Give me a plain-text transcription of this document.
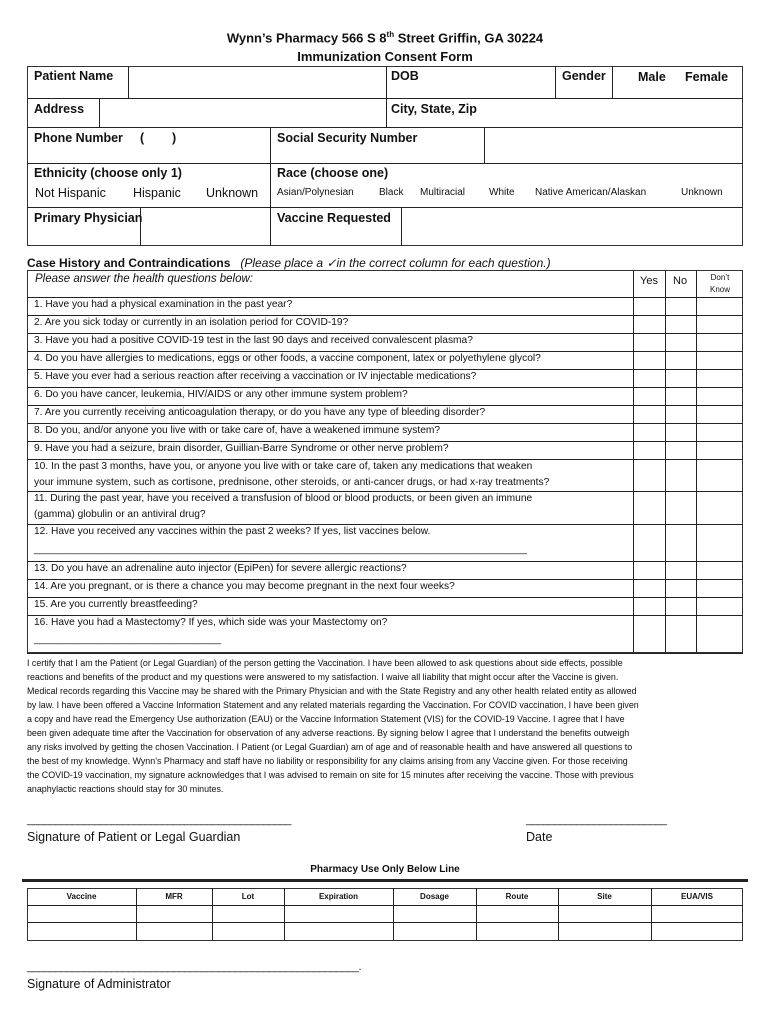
Wynn’s Pharmacy 566 S 8th Street Griffin, GA 30224
Immunization Consent Form
Patient Name	DOB	Gender	Male Female
Address	City, State, Zip
Phone Number (        )	Social Security Number
Ethnicity (choose only 1)
Not Hispanic Hispanic Unknown
Race (choose one)
Asian/Polynesian	Black Multiracial White Native American/Alaskan	Unknown
Primary Physician	Vaccine Requested
Case History and Contraindications (Please place a ✓in the correct column for each question.)
Please answer the health questions below:	Yes No	Don’t
Know
1. Have you had a physical examination in the past year?
2. Are you sick today or currently in an isolation period for COVID-19?
3. Have you had a positive COVID-19 test in the last 90 days and received convalescent plasma?
4. Do you have allergies to medications, eggs or other foods, a vaccine component, latex or polyethylene glycol?
5. Have you ever had a serious reaction after receiving a vaccination or IV injectable medications?
6. Do you have cancer, leukemia, HIV/AIDS or any other immune system problem?
7. Are you currently receiving anticoagulation therapy, or do you have any type of bleeding disorder?
8. Do you, and/or anyone you live with or take care of, have a weakened immune system?
9. Have you had a seizure, brain disorder, Guillian-Barre Syndrome or other nerve problem?
10. In the past 3 months, have you, or anyone you live with or take care of, taken any medications that weaken
your immune system, such as cortisone, prednisone, other steroids, or anti-cancer drugs, or had x-ray treatments?
11. During the past year, have you received a transfusion of blood or blood products, or been given an immune
(gamma) globulin or an antiviral drug?
12. Have you received any vaccines within the past 2 weeks? If yes, list vaccines below.
_______________________________________________________________________________________
13. Do you have an adrenaline auto injector (EpiPen) for severe allergic reactions?
14. Are you pregnant, or is there a chance you may become pregnant in the next four weeks?
15. Are you currently breastfeeding?
16. Have you had a Mastectomy? If yes, which side was your Mastectomy on?
_________________________________
I certify that I am the Patient (or Legal Guardian) of the person getting the Vaccination. I have been allowed to ask questions about side effects, possible
reactions and benefits of the product and my questions were answered to my satisfaction. I waive all liability that might occur after the Vaccine is given.
Medical records regarding this Vaccine may be shared with the Primary Physician and with the State Registry and any other health related entity as allowed
by law. I have been offered a Vaccine Information Statement and any related materials regarding the Vaccination. For COVID vaccination, I have been given
a copy and have read the Emergency Use authorization (EAU) or the Vaccine Information Statement (VIS) for the COVID-19 Vaccine. I agree that I have
been given adequate time after the Vaccination for observation of any adverse reactions. By signing below I agree that I understand the benefits outweigh
any risks involved by getting the chosen Vaccination. I Patient (or Legal Guardian) am of age and of reasonable health and have answered all questions to
the best of my knowledge. Wynn’s Pharmacy and staff have no liability or responsibility for any claims arising from any Vaccine given. For those receiving
the COVID-19 vaccination, my signature acknowledges that I was advised to remain on site for 15 minutes after receiving the vaccine. Those with previous
anaphylactic reactions should stay for 30 minutes.
_______________________________________________
Signature of Patient or Legal Guardian
_________________________
Date
Pharmacy Use Only Below Line
Vaccine	MFR	Lot	Expiration	Dosage	Route	Site	EUA/VIS
___________________________________________________________.
Signature of Administrator
